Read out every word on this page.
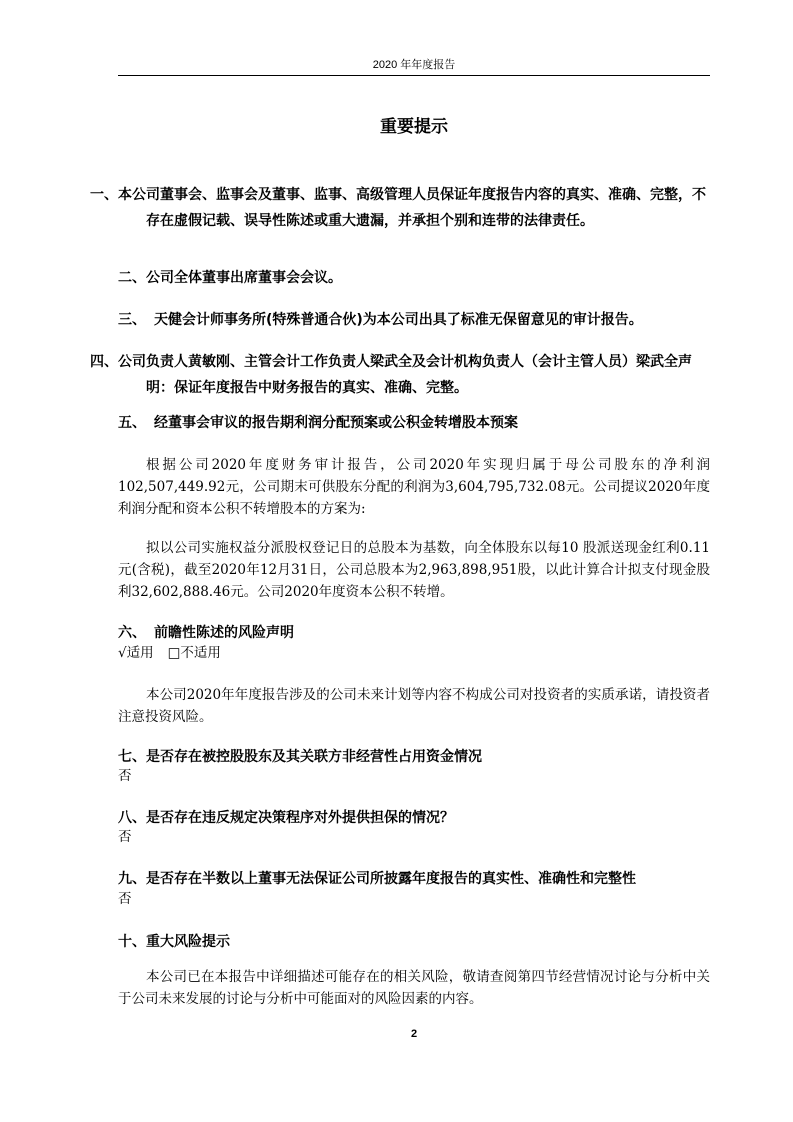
2020 年年度报告
重要提示
一、本公司董事会、监事会及董事、监事、高级管理人员保证年度报告内容的真实、准确、完整，不存在虚假记载、误导性陈述或重大遗漏，并承担个别和连带的法律责任。
二、公司全体董事出席董事会会议。
三、 天健会计师事务所(特殊普通合伙)为本公司出具了标准无保留意见的审计报告。
四、公司负责人黄敏刚、主管会计工作负责人梁武全及会计机构负责人（会计主管人员）梁武全声明：保证年度报告中财务报告的真实、准确、完整。
五、 经董事会审议的报告期利润分配预案或公积金转增股本预案
根据公司2020年度财务审计报告，公司2020年实现归属于母公司股东的净利润102,507,449.92元，公司期末可供股东分配的利润为3,604,795,732.08元。公司提议2020年度利润分配和资本公积不转增股本的方案为:
拟以公司实施权益分派股权登记日的总股本为基数，向全体股东以每10 股派送现金红利0.11元(含税)，截至2020年12月31日，公司总股本为2,963,898,951股，以此计算合计拟支付现金股利32,602,888.46元。公司2020年度资本公积不转增。
六、 前瞻性陈述的风险声明
√适用 □不适用
本公司2020年年度报告涉及的公司未来计划等内容不构成公司对投资者的实质承诺，请投资者注意投资风险。
七、是否存在被控股股东及其关联方非经营性占用资金情况
否
八、是否存在违反规定决策程序对外提供担保的情况？
否
九、是否存在半数以上董事无法保证公司所披露年度报告的真实性、准确性和完整性
否
十、重大风险提示
本公司已在本报告中详细描述可能存在的相关风险，敬请查阅第四节经营情况讨论与分析中关于公司未来发展的讨论与分析中可能面对的风险因素的内容。
2
